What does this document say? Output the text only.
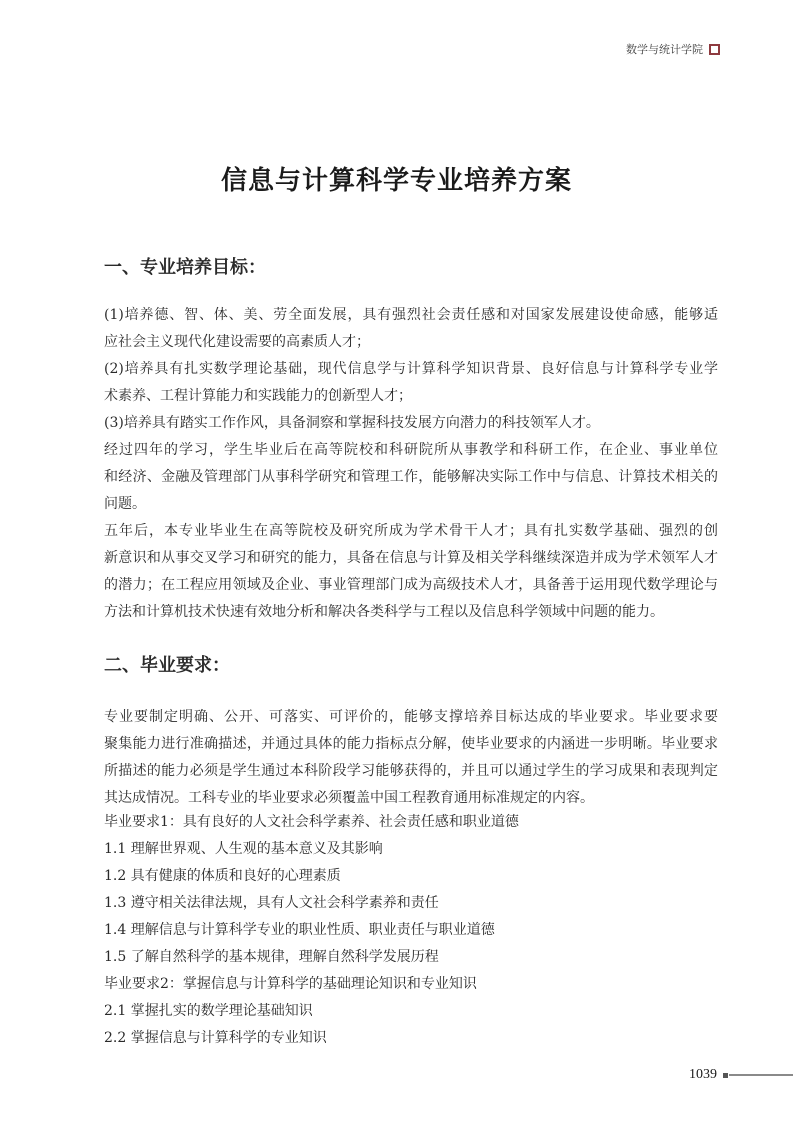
数学与统计学院
信息与计算科学专业培养方案
一、专业培养目标：

(1)培养德、智、体、美、劳全面发展，具有强烈社会责任感和对国家发展建设使命感，能够适
应社会主义现代化建设需要的高素质人才；

(2)培养具有扎实数学理论基础，现代信息学与计算科学知识背景、良好信息与计算科学专业学
术素养、工程计算能力和实践能力的创新型人才；

(3)培养具有踏实工作作风，具备洞察和掌握科技发展方向潜力的科技领军人才。

经过四年的学习，学生毕业后在高等院校和科研院所从事教学和科研工作，在企业、事业单位
和经济、金融及管理部门从事科学研究和管理工作，能够解决实际工作中与信息、计算技术相关的
问题。

五年后，本专业毕业生在高等院校及研究所成为学术骨干人才；具有扎实数学基础、强烈的创
新意识和从事交叉学习和研究的能力，具备在信息与计算及相关学科继续深造并成为学术领军人才
的潜力；在工程应用领域及企业、事业管理部门成为高级技术人才，具备善于运用现代数学理论与
方法和计算机技术快速有效地分析和解决各类科学与工程以及信息科学领域中问题的能力。

二、毕业要求：

专业要制定明确、公开、可落实、可评价的，能够支撑培养目标达成的毕业要求。毕业要求要
聚集能力进行准确描述，并通过具体的能力指标点分解，使毕业要求的内涵进一步明晰。毕业要求
所描述的能力必须是学生通过本科阶段学习能够获得的，并且可以通过学生的学习成果和表现判定
其达成情况。工科专业的毕业要求必须覆盖中国工程教育通用标准规定的内容。

毕业要求1：具有良好的人文社会科学素养、社会责任感和职业道德
1.1 理解世界观、人生观的基本意义及其影响
1.2 具有健康的体质和良好的心理素质
1.3 遵守相关法律法规，具有人文社会科学素养和责任
1.4 理解信息与计算科学专业的职业性质、职业责任与职业道德
1.5 了解自然科学的基本规律，理解自然科学发展历程
毕业要求2：掌握信息与计算科学的基础理论知识和专业知识
2.1 掌握扎实的数学理论基础知识
2.2 掌握信息与计算科学的专业知识
1039
